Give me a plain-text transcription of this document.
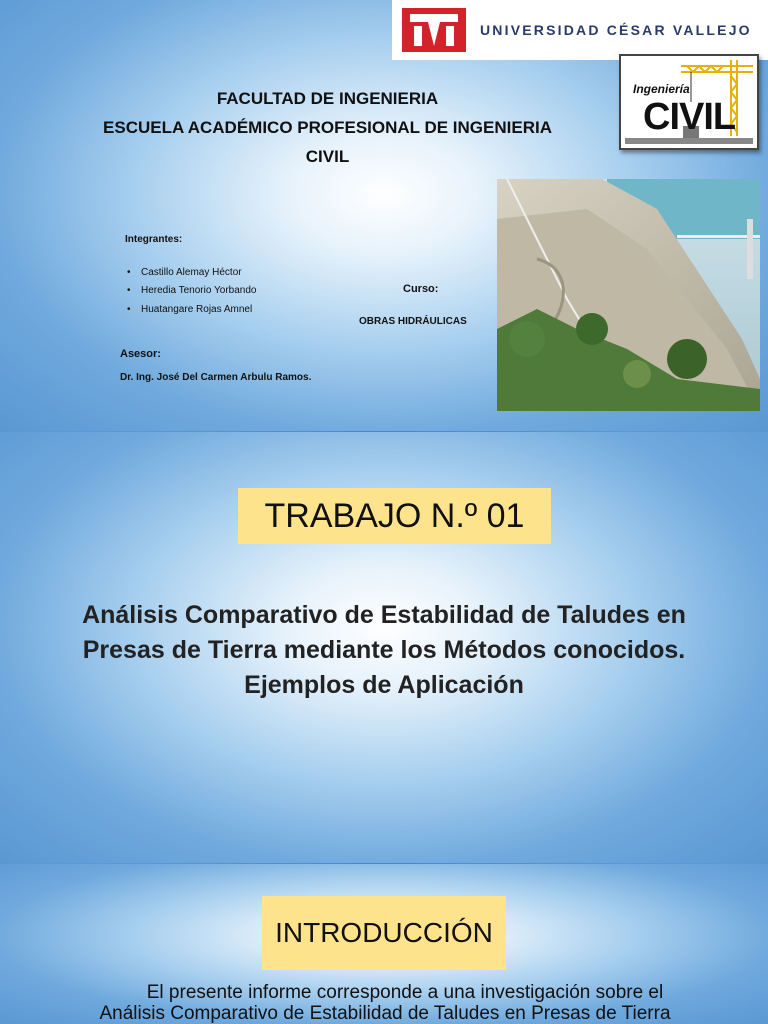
UNIVERSIDAD CÉSAR VALLEJO
Ingeniería
CIVIL
FACULTAD DE INGENIERIA
ESCUELA ACADÉMICO PROFESIONAL DE INGENIERIA
CIVIL
Integrantes:
• Castillo Alemay Héctor
• Heredia Tenorio Yorbando
• Huatangare Rojas Amnel
Curso:
OBRAS HIDRÁULICAS
Asesor:
Dr. Ing. José Del Carmen Arbulu Ramos.
TRABAJO N.º 01
Análisis Comparativo de Estabilidad de Taludes en
Presas de Tierra mediante los Métodos conocidos.
Ejemplos de Aplicación
INTRODUCCIÓN
El presente informe corresponde a una investigación sobre el
Análisis Comparativo de Estabilidad de Taludes en Presas de Tierra
